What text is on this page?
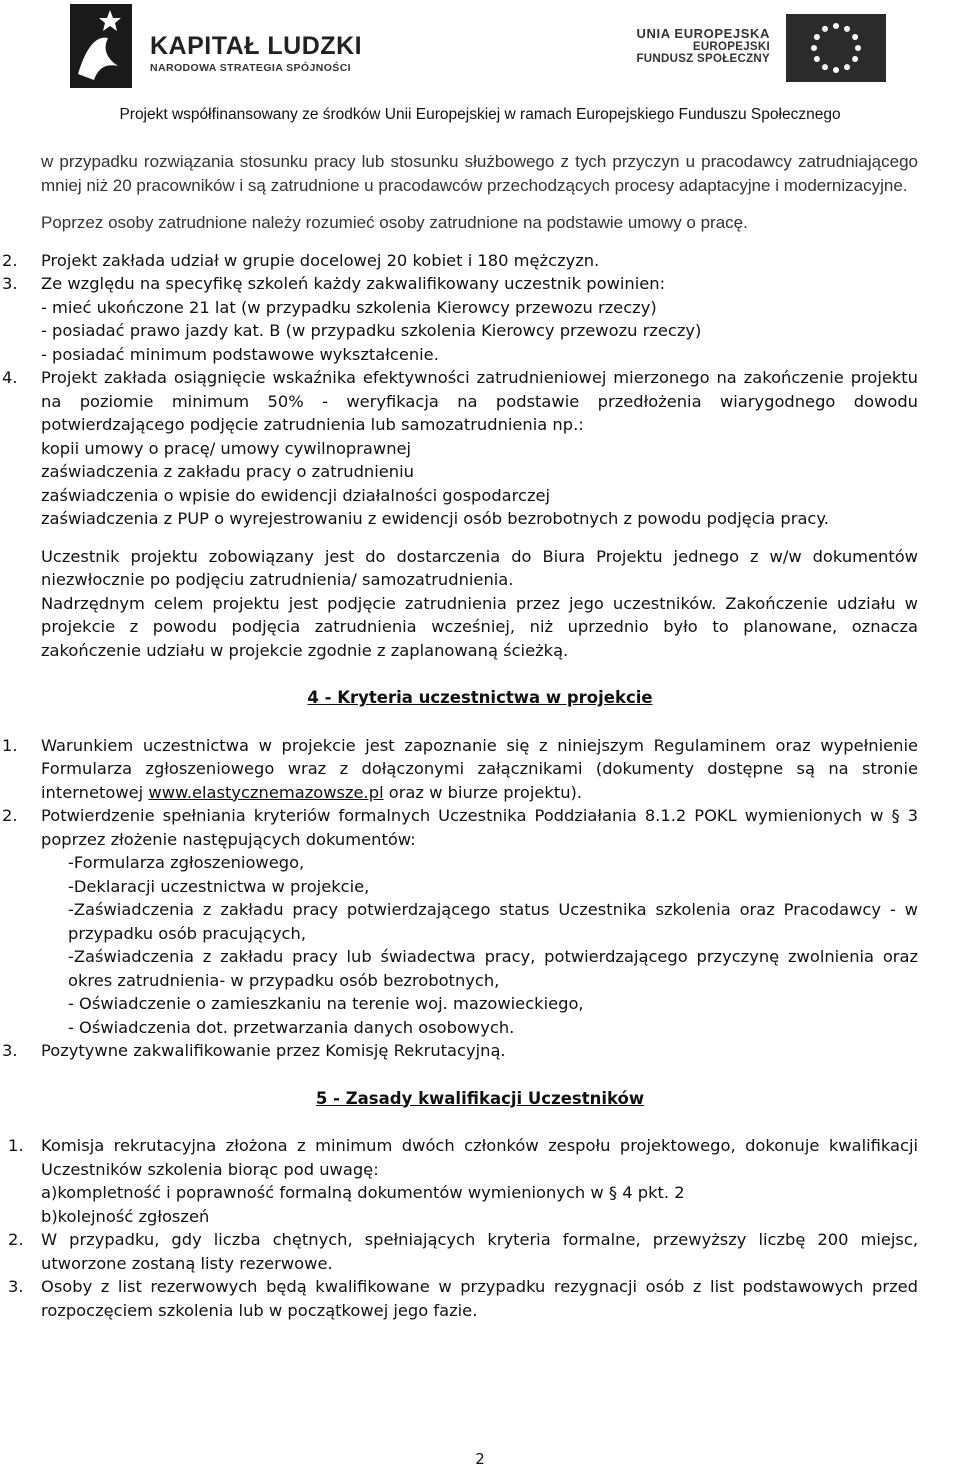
KAPITAŁ LUDZKI
NARODOWA STRATEGIA SPÓJNOŚCI
UNIA EUROPEJSKA
EUROPEJSKI
FUNDUSZ SPOŁECZNY
Projekt współfinansowany ze środków Unii Europejskiej w ramach Europejskiego Funduszu Społecznego

w przypadku rozwiązania stosunku pracy lub stosunku służbowego z tych przyczyn u pracodawcy zatrudniającego mniej niż 20 pracowników i są zatrudnione u pracodawców przechodzących procesy adaptacyjne i modernizacyjne.

Poprzez osoby zatrudnione należy rozumieć osoby zatrudnione na podstawie umowy o pracę.

2. Projekt zakłada udział w grupie docelowej 20 kobiet i 180 mężczyzn.
3. Ze względu na specyfikę szkoleń każdy zakwalifikowany uczestnik powinien:
- mieć ukończone 21 lat (w przypadku szkolenia Kierowcy przewozu rzeczy)
- posiadać prawo jazdy kat. B (w przypadku szkolenia Kierowcy przewozu rzeczy)
- posiadać minimum podstawowe wykształcenie.
4. Projekt zakłada osiągnięcie wskaźnika efektywności zatrudnieniowej mierzonego na zakończenie projektu na poziomie minimum 50% - weryfikacja na podstawie przedłożenia wiarygodnego dowodu potwierdzającego podjęcie zatrudnienia lub samozatrudnienia np.:
kopii umowy o pracę/ umowy cywilnoprawnej
zaświadczenia z zakładu pracy o zatrudnieniu
zaświadczenia o wpisie do ewidencji działalności gospodarczej
zaświadczenia z PUP o wyrejestrowaniu z ewidencji osób bezrobotnych z powodu podjęcia pracy.

Uczestnik projektu zobowiązany jest do dostarczenia do Biura Projektu jednego z w/w dokumentów niezwłocznie po podjęciu zatrudnienia/ samozatrudnienia.

Nadrzędnym celem projektu jest podjęcie zatrudnienia przez jego uczestników. Zakończenie udziału w projekcie z powodu podjęcia zatrudnienia wcześniej, niż uprzednio było to planowane, oznacza zakończenie udziału w projekcie zgodnie z zaplanowaną ścieżką.

4 - Kryteria uczestnictwa w projekcie

1. Warunkiem uczestnictwa w projekcie jest zapoznanie się z niniejszym Regulaminem oraz wypełnienie Formularza zgłoszeniowego wraz z dołączonymi załącznikami (dokumenty dostępne są na stronie internetowej www.elastycznemazowsze.pl oraz w biurze projektu).
2. Potwierdzenie spełniania kryteriów formalnych Uczestnika Poddziałania 8.1.2 POKL wymienionych w § 3 poprzez złożenie następujących dokumentów:
-Formularza zgłoszeniowego,
-Deklaracji uczestnictwa w projekcie,
-Zaświadczenia z zakładu pracy potwierdzającego status Uczestnika szkolenia oraz Pracodawcy - w przypadku osób pracujących,
-Zaświadczenia z zakładu pracy lub świadectwa pracy, potwierdzającego przyczynę zwolnienia oraz okres zatrudnienia- w przypadku osób bezrobotnych,
- Oświadczenie o zamieszkaniu na terenie woj. mazowieckiego,
- Oświadczenia dot. przetwarzania danych osobowych.
3. Pozytywne zakwalifikowanie przez Komisję Rekrutacyjną.

5 - Zasady kwalifikacji Uczestników

1. Komisja rekrutacyjna złożona z minimum dwóch członków zespołu projektowego, dokonuje kwalifikacji Uczestników szkolenia biorąc pod uwagę:
a)kompletność i poprawność formalną dokumentów wymienionych w § 4 pkt. 2
b)kolejność zgłoszeń
2. W przypadku, gdy liczba chętnych, spełniających kryteria formalne, przewyższy liczbę 200 miejsc, utworzone zostaną listy rezerwowe.
3. Osoby z list rezerwowych będą kwalifikowane w przypadku rezygnacji osób z list podstawowych przed rozpoczęciem szkolenia lub w początkowej jego fazie.
2
